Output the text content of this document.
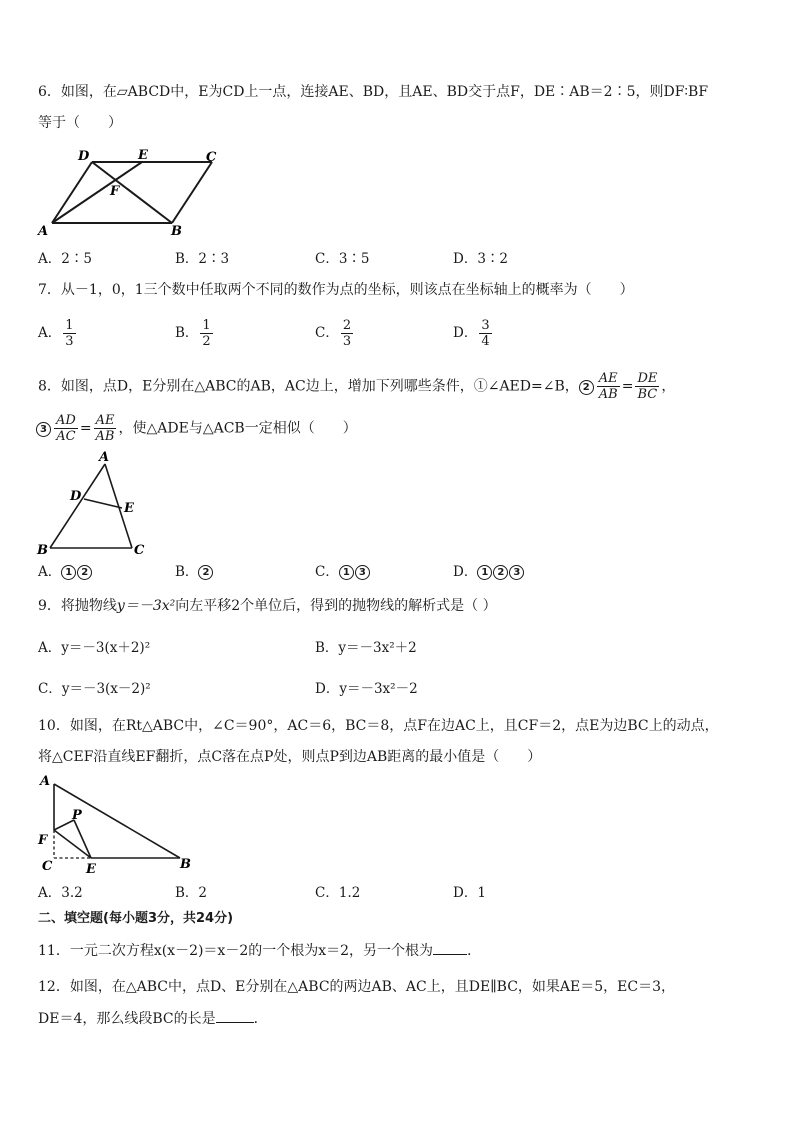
6．如图，在▱ABCD中，E为CD上一点，连接AE、BD，且AE、BD交于点F，DE∶AB＝2∶5，则DF∶BF
等于（　　）
D	E	C
F
A	B
A．2∶5	B．2∶3	C．3∶5	D．3∶2
7．从－1，0，1三个数中任取两个不同的数作为点的坐标，则该点在坐标轴上的概率为（　　）
A． $\frac{1}{3}$	B． $\frac{1}{2}$	C． $\frac{2}{3}$	D． $\frac{3}{4}$
8．如图，点D，E分别在△ABC的AB，AC边上，增加下列哪些条件，①∠AED=∠B， $2 \frac{AE}{AB} = \frac{DE}{BC}$ ，
$3 \frac{AD}{AC} = \frac{AE}{AB}$ ，使△ADE与△ACB一定相似（　　）
A
D
E
B	C
A． 1 2	B． 2	C． 1 3	D． 1 2 3
9．将抛物线y＝－3x²向左平移2个单位后，得到的抛物线的解析式是（ ）
A．y＝－3(x＋2)²	B．y＝－3x²＋2
C．y＝－3(x－2)²	D．y＝－3x²－2
10．如图，在Rt△ABC中，∠C＝90°，AC＝6，BC＝8，点F在边AC上，且CF＝2，点E为边BC上的动点，
将△CEF沿直线EF翻折，点C落在点P处，则点P到边AB距离的最小值是（　　）
A
P
F
C	E	B
A．3.2	B．2	C．1.2	D．1
二、填空题(每小题3分，共24分)
11．一元二次方程x(x－2)＝x－2的一个根为x＝2，另一个根为 .
12．如图，在△ABC中，点D、E分别在△ABC的两边AB、AC上，且DE∥BC，如果AE＝5，EC＝3，
DE＝4，那么线段BC的长是	．
